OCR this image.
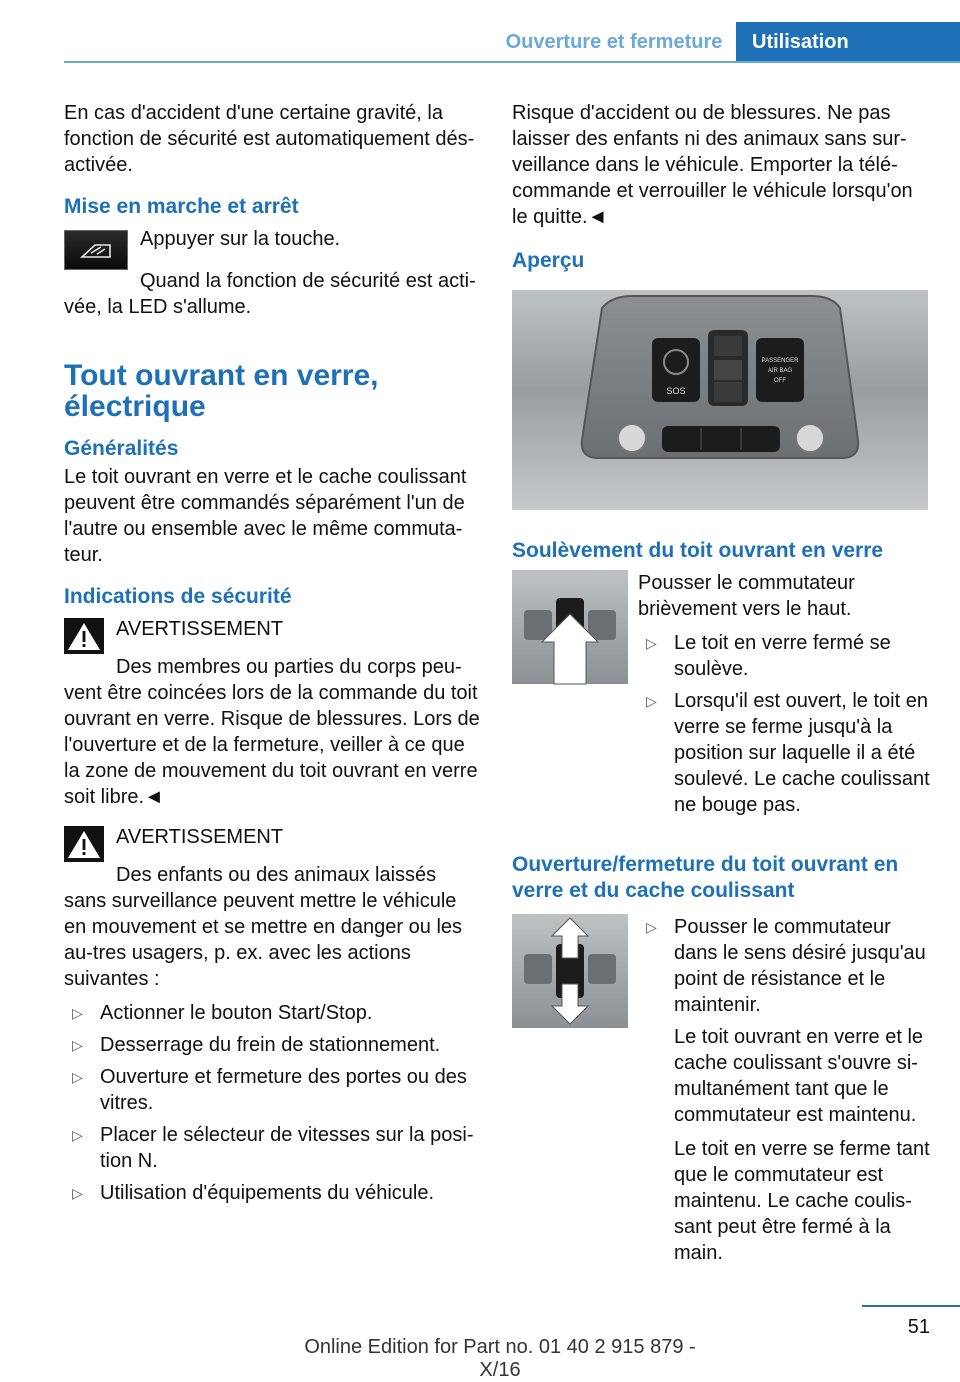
Ouverture et fermeture	Utilisation

En cas d'accident d'une certaine gravité, la fonction de sécurité est automatiquement dés-activée.

Mise en marche et arrêt

Appuyer sur la touche.

Quand la fonction de sécurité est acti-vée, la LED s'allume.

Tout ouvrant en verre, électrique
Généralités

Le toit ouvrant en verre et le cache coulissant peuvent être commandés séparément l'un de l'autre ou ensemble avec le même commuta-teur.

Indications de sécurité

AVERTISSEMENT

Des membres ou parties du corps peu-vent être coincées lors de la commande du toit ouvrant en verre. Risque de blessures. Lors de l'ouverture et de la fermeture, veiller à ce que la zone de mouvement du toit ouvrant en verre soit libre.◄

AVERTISSEMENT

Des enfants ou des animaux laissés sans surveillance peuvent mettre le véhicule en mouvement et se mettre en danger ou les au-tres usagers, p. ex. avec les actions suivantes :

▷ Actionner le bouton Start/Stop.
▷ Desserrage du frein de stationnement.
▷ Ouverture et fermeture des portes ou des vitres.
▷ Placer le sélecteur de vitesses sur la posi-tion N.
▷ Utilisation d'équipements du véhicule.

Risque d'accident ou de blessures. Ne pas laisser des enfants ni des animaux sans sur-veillance dans le véhicule. Emporter la télé-commande et verrouiller le véhicule lorsqu'on le quitte.◄

Aperçu
SOS
PASSENGER
AIR BAG
OFF
Soulèvement du toit ouvrant en verre

Pousser le commutateur brièvement vers le haut.

▷ Le toit en verre fermé se soulève.
▷ Lorsqu'il est ouvert, le toit en verre se ferme jusqu'à la position sur laquelle il a été soulevé. Le cache coulissant ne bouge pas.
Ouverture/fermeture du toit ouvrant en verre et du cache coulissant
▷ Pousser le commutateur dans le sens désiré jusqu'au point de résistance et le maintenir.

Le toit ouvrant en verre et le cache coulissant s'ouvre si-multanément tant que le commutateur est maintenu.

Le toit en verre se ferme tant que le commutateur est maintenu. Le cache coulis-sant peut être fermé à la main.

51
Online Edition for Part no. 01 40 2 915 879 - X/16
